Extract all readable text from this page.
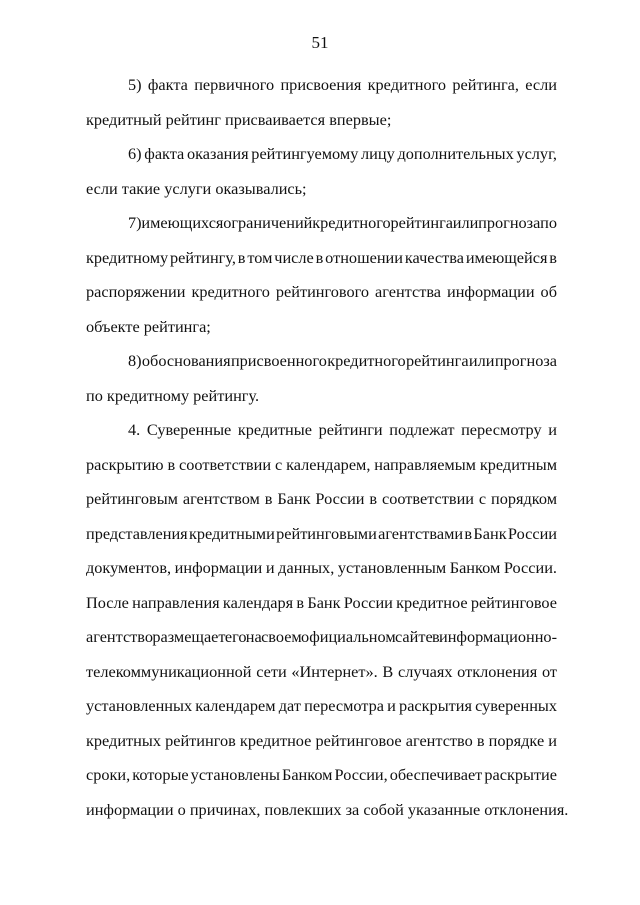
51
5) факта первичного присвоения кредитного рейтинга, если
кредитный рейтинг присваивается впервые;
6) факта оказания рейтингуемому лицу дополнительных услуг,
если такие услуги оказывались;
7) имеющихся ограничений кредитного рейтинга или прогноза по
кредитному рейтингу, в том числе в отношении качества имеющейся в
распоряжении кредитного рейтингового агентства информации об
объекте рейтинга;
8) обоснования присвоенного кредитного рейтинга или прогноза
по кредитному рейтингу.
4. Суверенные кредитные рейтинги подлежат пересмотру и
раскрытию в соответствии с календарем, направляемым кредитным
рейтинговым агентством в Банк России в соответствии с порядком
представления кредитными рейтинговыми агентствами в Банк России
документов, информации и данных, установленным Банком России.
После направления календаря в Банк России кредитное рейтинговое
агентство размещает его на своем официальном сайте в информационно-
телекоммуникационной сети «Интернет». В случаях отклонения от
установленных календарем дат пересмотра и раскрытия суверенных
кредитных рейтингов кредитное рейтинговое агентство в порядке и
сроки, которые установлены Банком России, обеспечивает раскрытие
информации о причинах, повлекших за собой указанные отклонения.
